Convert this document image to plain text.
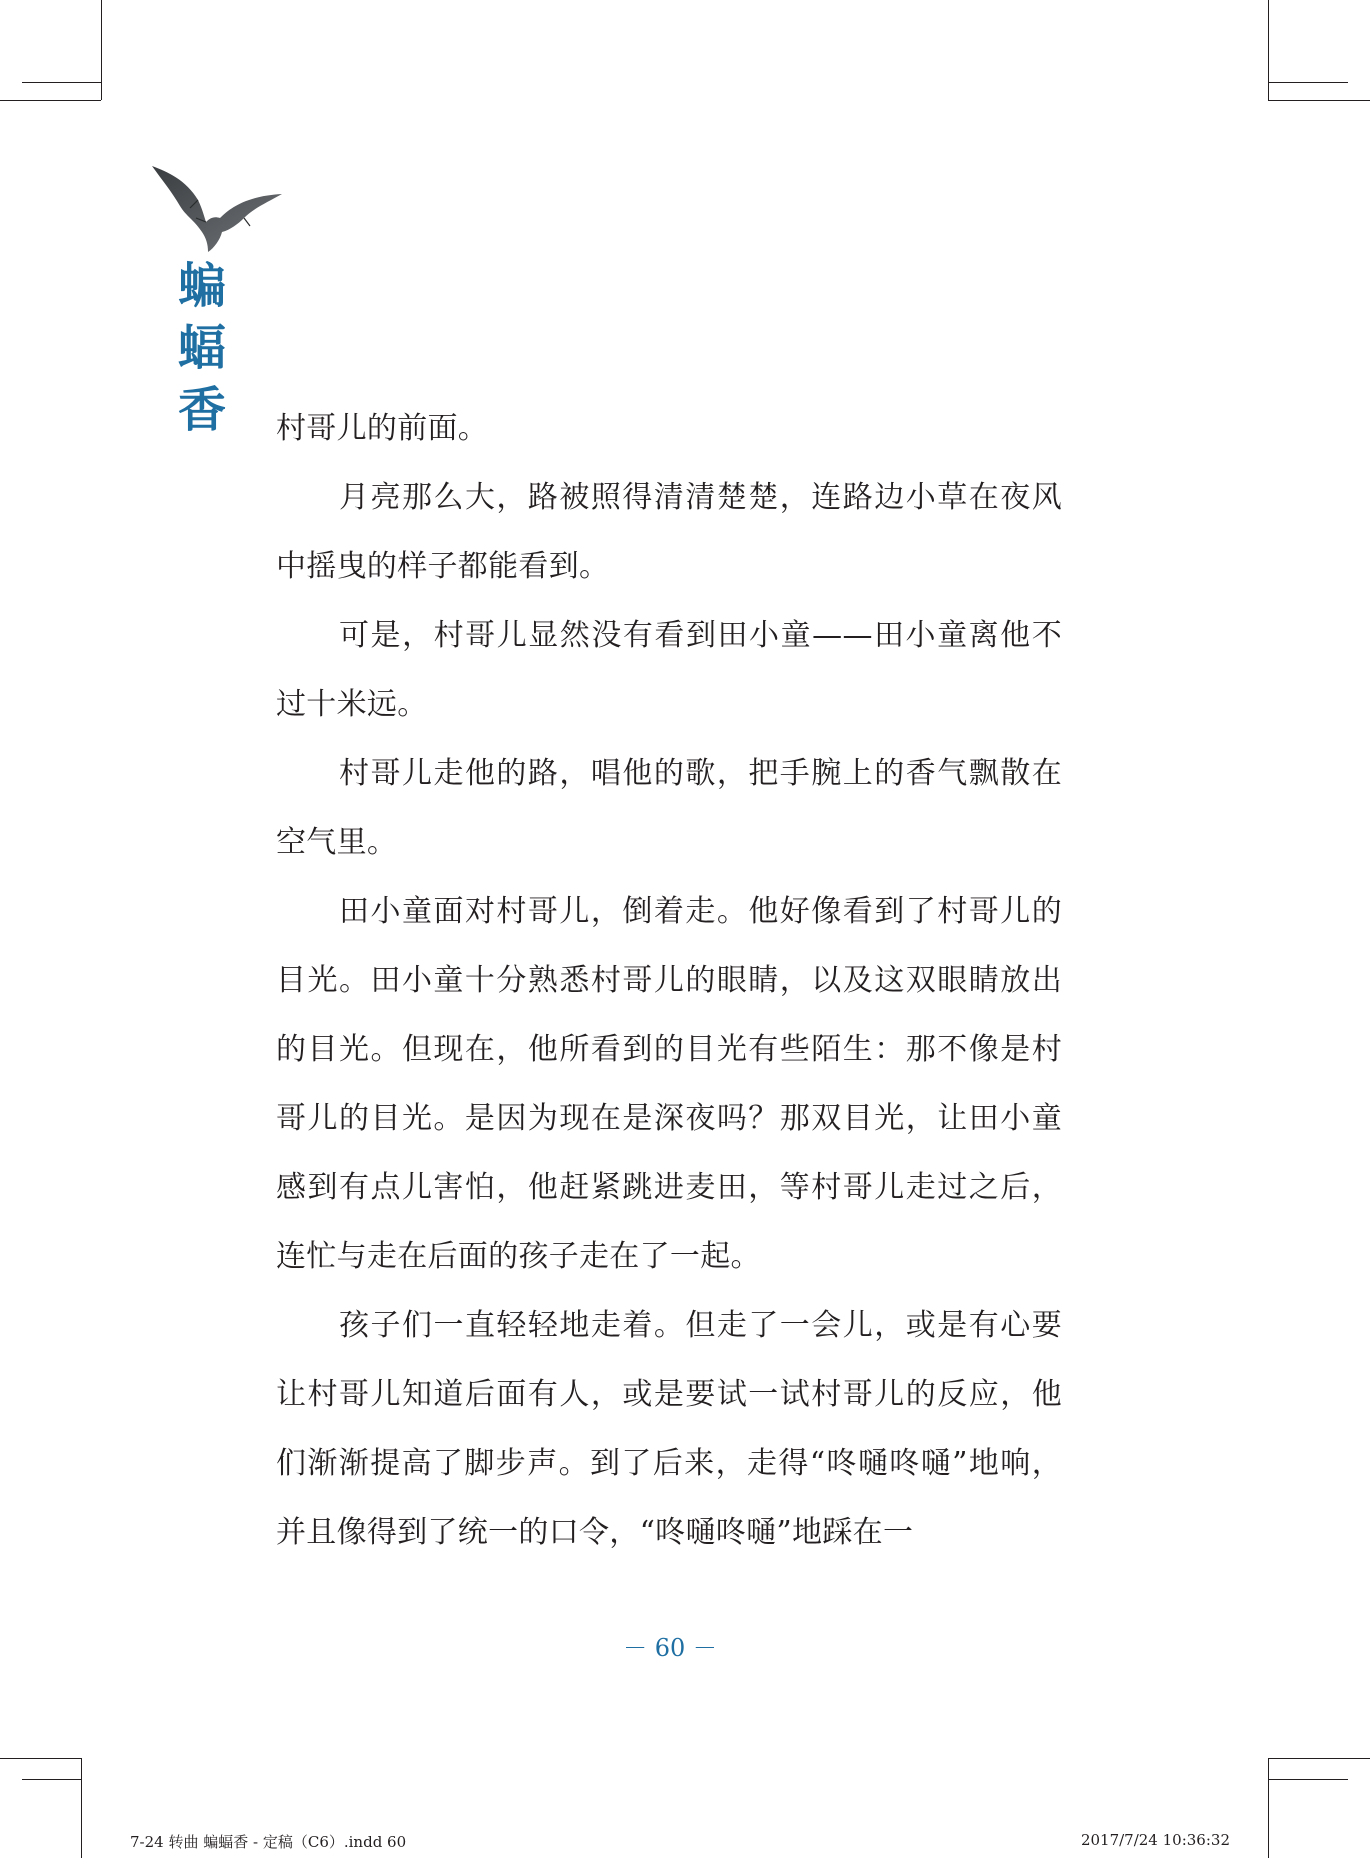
蝙
蝠
香 村哥儿的前面。

月亮那么大，路被照得清清楚楚，连路边小草在夜风中摇曳的样子都能看到。

可是，村哥儿显然没有看到田小童——田小童离他不过十米远。

村哥儿走他的路，唱他的歌，把手腕上的香气飘散在空气里。

田小童面对村哥儿，倒着走。他好像看到了村哥儿的目光。田小童十分熟悉村哥儿的眼睛，以及这双眼睛放出的目光。但现在，他所看到的目光有些陌生：那不像是村哥儿的目光。是因为现在是深夜吗？那双目光，让田小童感到有点儿害怕，他赶紧跳进麦田，等村哥儿走过之后，连忙与走在后面的孩子走在了一起。

孩子们一直轻轻地走着。但走了一会儿，或是有心要让村哥儿知道后面有人，或是要试一试村哥儿的反应，他们渐渐提高了脚步声。到了后来，走得“咚嗵咚嗵”地响，并且像得到了统一的口令，“咚嗵咚嗵”地踩在一

－ 60 －
7-24 转曲 蝙蝠香 - 定稿（C6）.indd 60	2017/7/24 10:36:32
